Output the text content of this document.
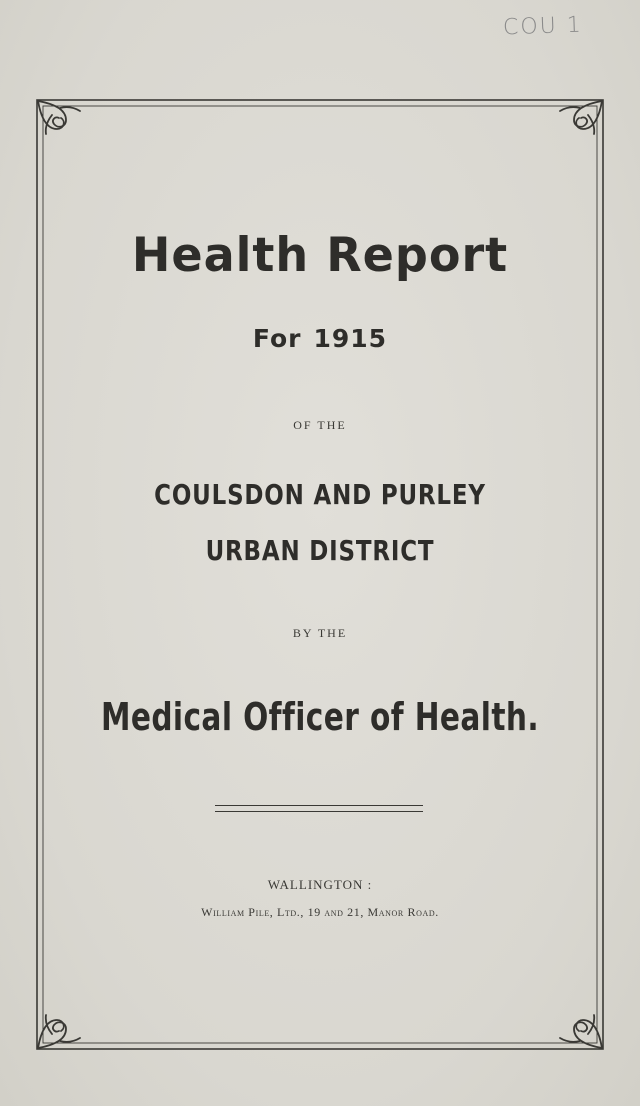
COU 1
Health Report
For 1915
OF THE
COULSDON AND PURLEY
URBAN DISTRICT
BY THE
Medical Officer of Health.
WALLINGTON :
William Pile, Ltd., 19 and 21, Manor Road.
